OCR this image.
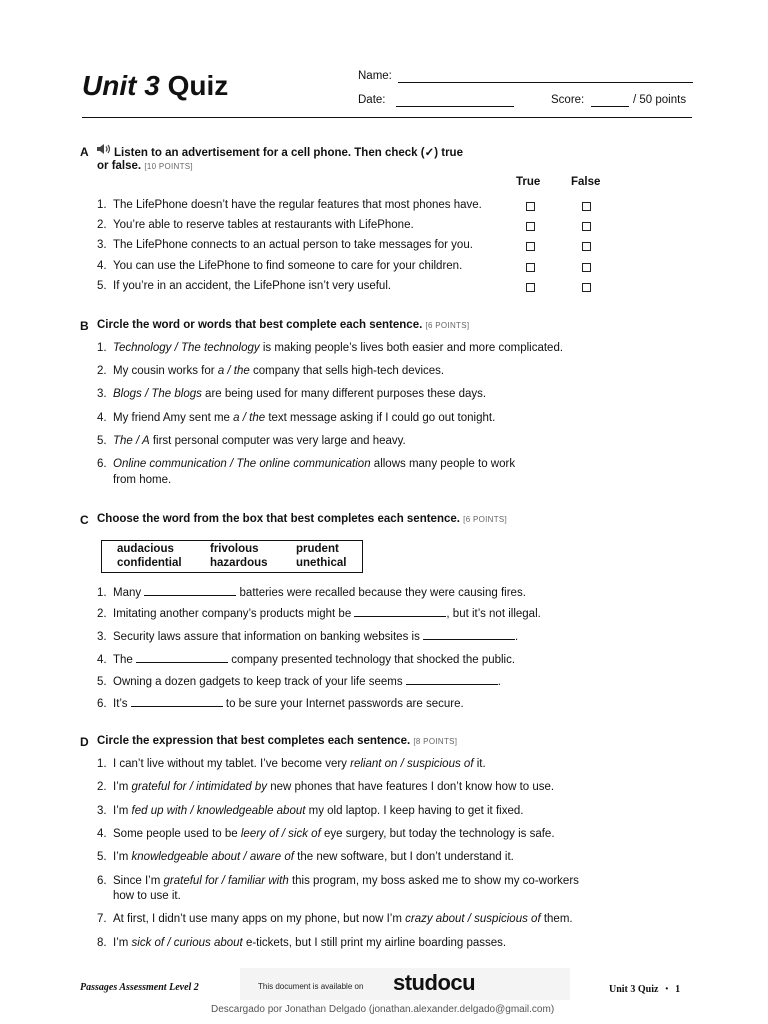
Unit 3 Quiz	Name:
Date:	Score:	/ 50 points
A Listen to an advertisement for a cell phone. Then check (✓) true
or false. [10 POINTS]
True	False
1. The LifePhone doesn’t have the regular features that most phones have.
2. You’re able to reserve tables at restaurants with LifePhone.
3. The LifePhone connects to an actual person to take messages for you.
4. You can use the LifePhone to find someone to care for your children.
5. If you’re in an accident, the LifePhone isn’t very useful.
B Circle the word or words that best complete each sentence. [6 POINTS]
1. Technology / The technology is making people’s lives both easier and more complicated.
2. My cousin works for a / the company that sells high-tech devices.
3. Blogs / The blogs are being used for many different purposes these days.
4. My friend Amy sent me a / the text message asking if I could go out tonight.
5. The / A first personal computer was very large and heavy.
6. Online communication / The online communication allows many people to work
from home.
C Choose the word from the box that best completes each sentence. [6 POINTS]
audacious	frivolous	prudent
confidential hazardous unethical
1. Many	batteries were recalled because they were causing fires.
2. Imitating another company’s products might be	, but it’s not illegal.
3. Security laws assure that information on banking websites is	.
4. The	company presented technology that shocked the public.
5. Owning a dozen gadgets to keep track of your life seems	.
6. It’s	to be sure your Internet passwords are secure.
D Circle the expression that best completes each sentence. [8 POINTS]
1. I can’t live without my tablet. I’ve become very reliant on / suspicious of it.
2. I’m grateful for / intimidated by new phones that have features I don’t know how to use.
3. I’m fed up with / knowledgeable about my old laptop. I keep having to get it fixed.
4. Some people used to be leery of / sick of eye surgery, but today the technology is safe.
5. I’m knowledgeable about / aware of the new software, but I don’t understand it.
6. Since I’m grateful for / familiar with this program, my boss asked me to show my co-workers
how to use it.
7. At first, I didn’t use many apps on my phone, but now I’m crazy about / suspicious of them.
8. I’m sick of / curious about e-tickets, but I still print my airline boarding passes.
Passages Assessment Level 2	This document is available on studocu	Unit 3 Quiz  ·  1
Descargado por Jonathan Delgado (jonathan.alexander.delgado@gmail.com)
